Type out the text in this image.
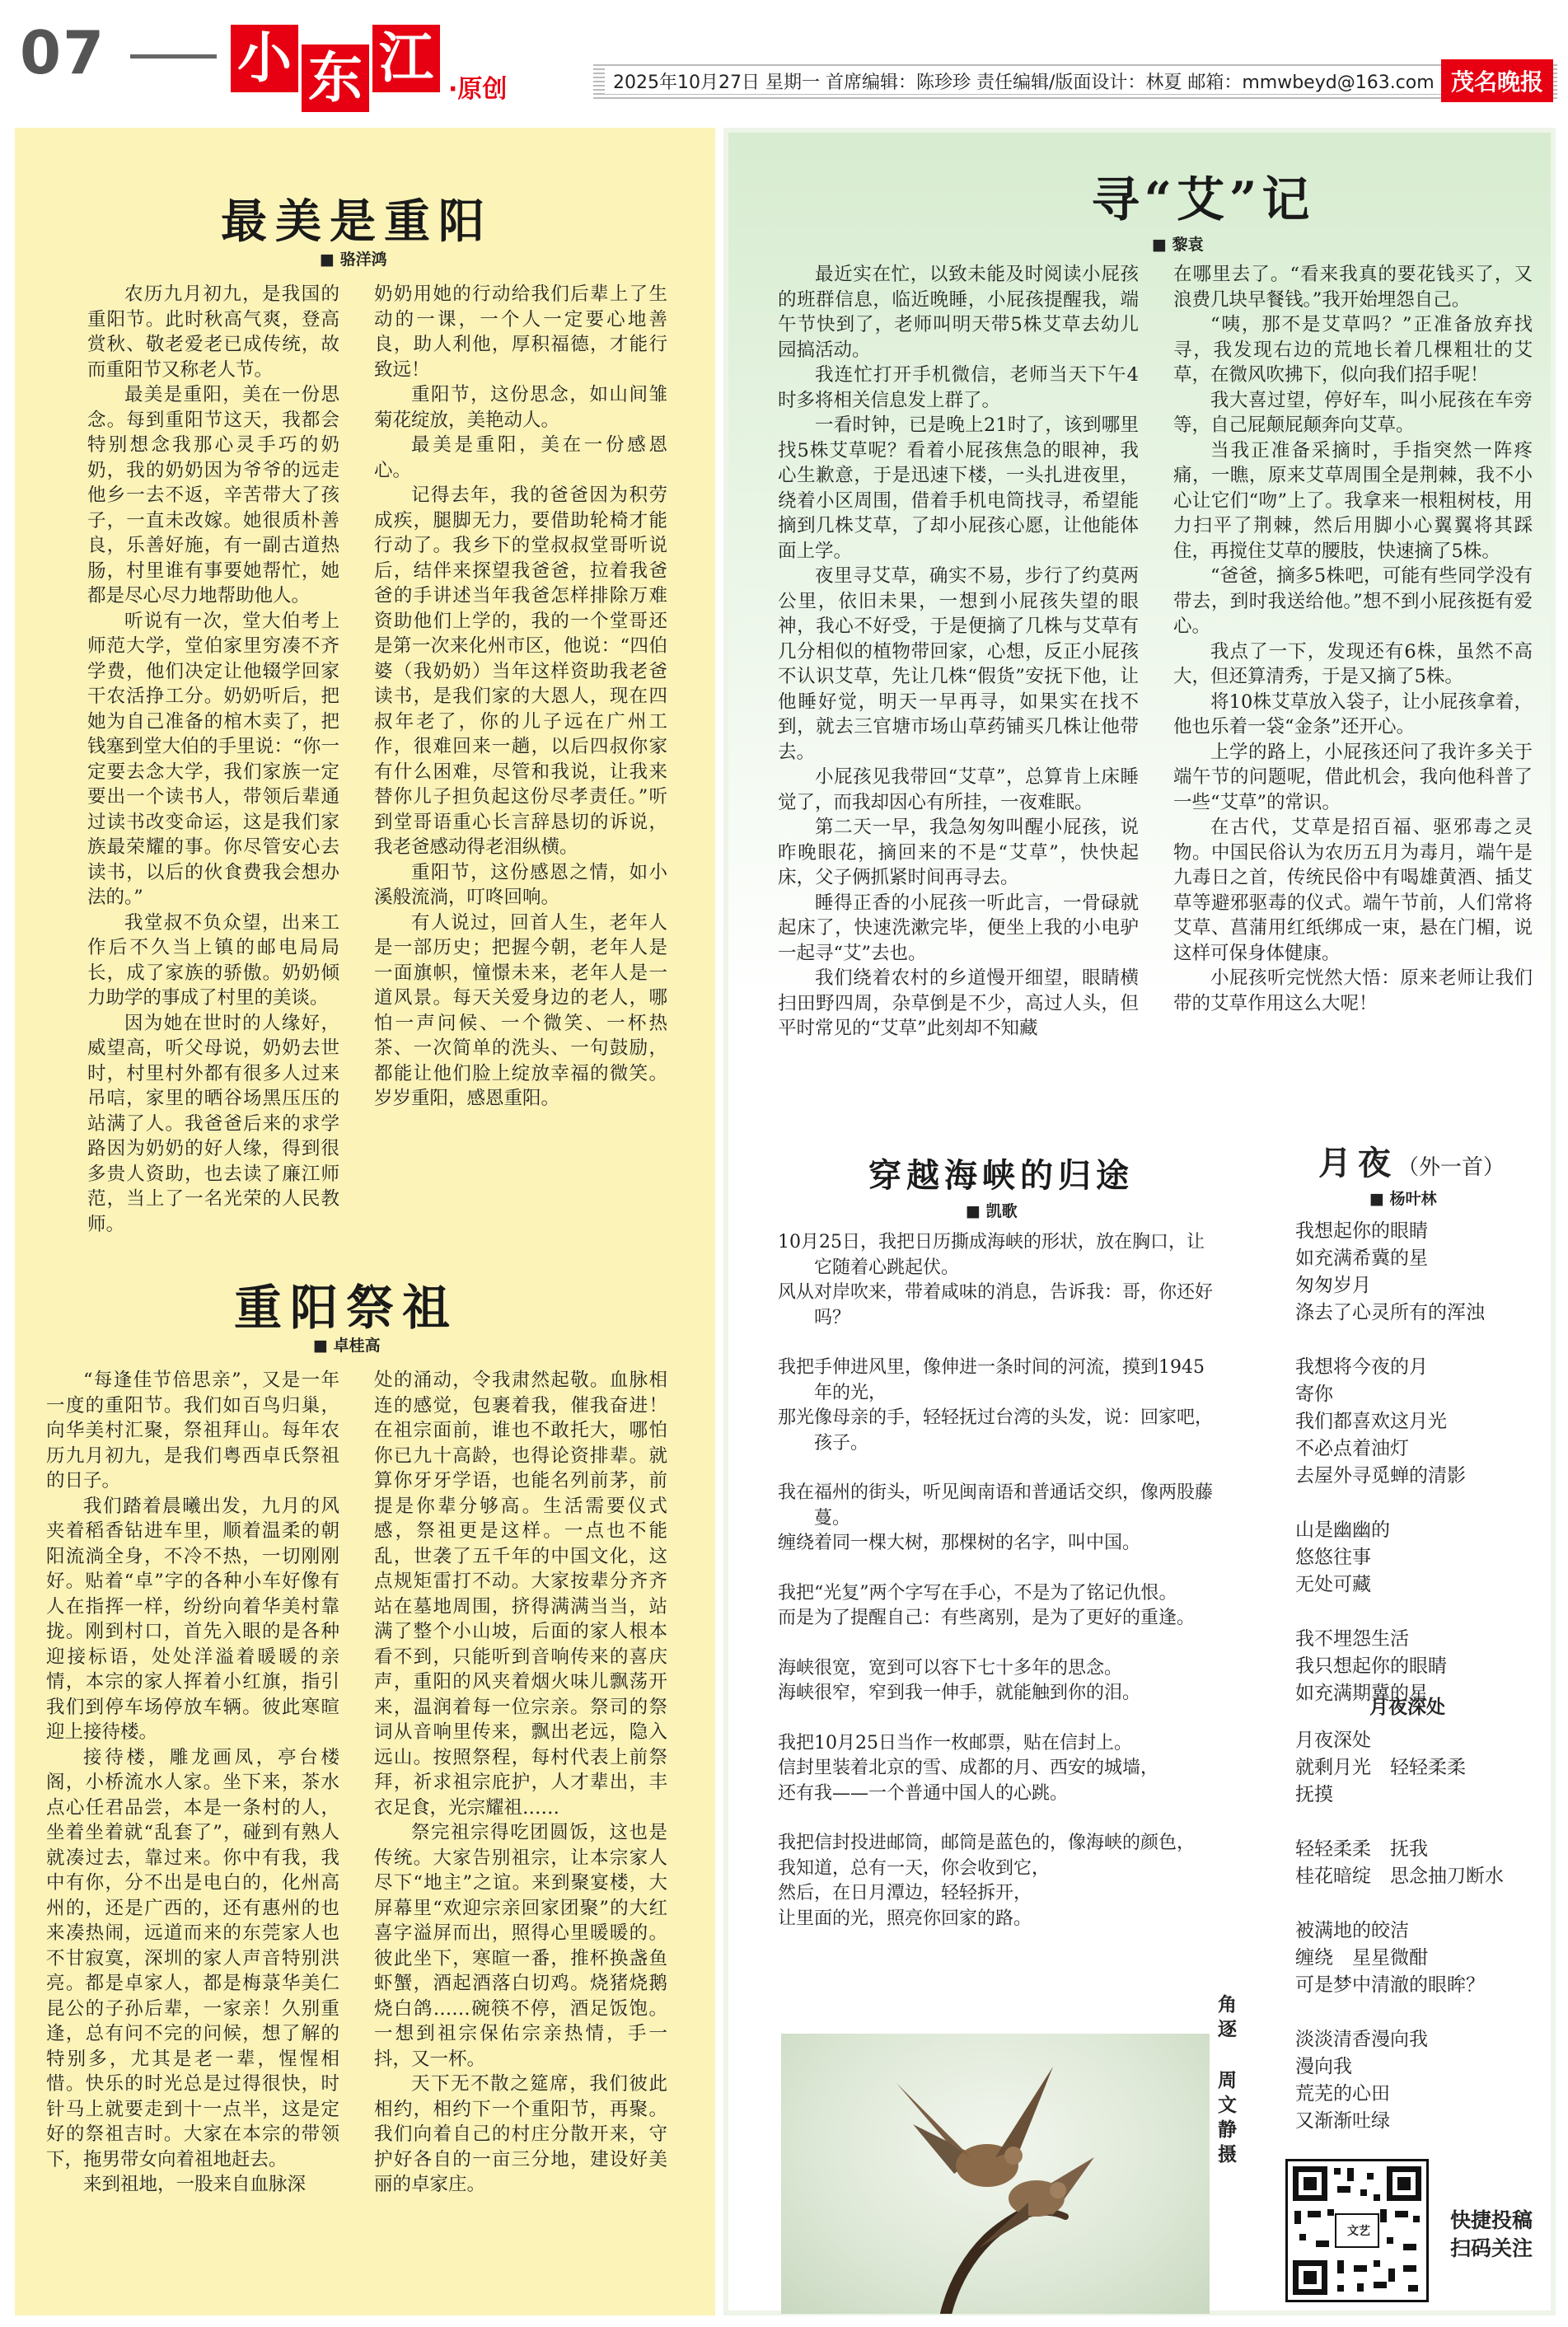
07 小 东 江 ·原创	2025年10月27日 星期一 首席编辑：陈珍珍 责任编辑/版面设计：林夏 邮箱：mmwbeyd@163.com 茂名晚报
最美是重阳
■ 骆洋鸿

农历九月初九，是我国的重阳节。此时秋高气爽，登高赏秋、敬老爱老已成传统，故而重阳节又称老人节。

最美是重阳，美在一份思念。每到重阳节这天，我都会特别想念我那心灵手巧的奶奶，我的奶奶因为爷爷的远走他乡一去不返，辛苦带大了孩子，一直未改嫁。她很质朴善良，乐善好施，有一副古道热肠，村里谁有事要她帮忙，她都是尽心尽力地帮助他人。

听说有一次，堂大伯考上师范大学，堂伯家里穷凑不齐学费，他们决定让他辍学回家干农活挣工分。奶奶听后，把她为自己准备的棺木卖了，把钱塞到堂大伯的手里说：“你一定要去念大学，我们家族一定要出一个读书人，带领后辈通过读书改变命运，这是我们家族最荣耀的事。你尽管安心去读书，以后的伙食费我会想办法的。”

我堂叔不负众望，出来工作后不久当上镇的邮电局局长，成了家族的骄傲。奶奶倾力助学的事成了村里的美谈。

因为她在世时的人缘好，威望高，听父母说，奶奶去世时，村里村外都有很多人过来吊唁，家里的晒谷场黑压压的站满了人。我爸爸后来的求学路因为奶奶的好人缘，得到很多贵人资助，也去读了廉江师范，当上了一名光荣的人民教师。

奶奶用她的行动给我们后辈上了生动的一课，一个人一定要心地善良，助人利他，厚积福德，才能行致远！

重阳节，这份思念，如山间雏菊花绽放，美艳动人。

最美是重阳，美在一份感恩心。

记得去年，我的爸爸因为积劳成疾，腿脚无力，要借助轮椅才能行动了。我乡下的堂叔叔堂哥听说后，结伴来探望我爸爸，拉着我爸爸的手讲述当年我爸怎样排除万难资助他们上学的，我的一个堂哥还是第一次来化州市区，他说：“四伯婆（我奶奶）当年这样资助我老爸读书，是我们家的大恩人，现在四叔年老了，你的儿子远在广州工作，很难回来一趟，以后四叔你家有什么困难，尽管和我说，让我来替你儿子担负起这份尽孝责任。”听到堂哥语重心长言辞恳切的诉说，我老爸感动得老泪纵横。

重阳节，这份感恩之情，如小溪般流淌，叮咚回响。

有人说过，回首人生，老年人是一部历史；把握今朝，老年人是一面旗帜，憧憬未来，老年人是一道风景。每天关爱身边的老人，哪怕一声问候、一个微笑、一杯热茶、一次简单的洗头、一句鼓励，都能让他们脸上绽放幸福的微笑。岁岁重阳，感恩重阳。

重阳祭祖
■ 卓桂高

“每逢佳节倍思亲”，又是一年一度的重阳节。我们如百鸟归巢，向华美村汇聚，祭祖拜山。每年农历九月初九，是我们粤西卓氏祭祖的日子。

我们踏着晨曦出发，九月的风夹着稻香钻进车里，顺着温柔的朝阳流淌全身，不冷不热，一切刚刚好。贴着“卓”字的各种小车好像有人在指挥一样，纷纷向着华美村靠拢。刚到村口，首先入眼的是各种迎接标语，处处洋溢着暖暖的亲情，本宗的家人挥着小红旗，指引我们到停车场停放车辆。彼此寒暄迎上接待楼。

接待楼，雕龙画凤，亭台楼阁，小桥流水人家。坐下来，茶水点心任君品尝，本是一条村的人，坐着坐着就“乱套了”，碰到有熟人就凑过去，靠过来。你中有我，我中有你，分不出是电白的，化州高州的，还是广西的，还有惠州的也来凑热闹，远道而来的东莞家人也不甘寂寞，深圳的家人声音特别洪亮。都是卓家人，都是梅菉华美仁昆公的子孙后辈，一家亲！久别重逢，总有问不完的问候，想了解的特别多，尤其是老一辈，惺惺相惜。快乐的时光总是过得很快，时针马上就要走到十一点半，这是定好的祭祖吉时。大家在本宗的带领下，拖男带女向着祖地赶去。

来到祖地，一股来自血脉深

处的涌动，令我肃然起敬。血脉相连的感觉，包裹着我，催我奋进！在祖宗面前，谁也不敢托大，哪怕你已九十高龄，也得论资排辈。就算你牙牙学语，也能名列前茅，前提是你辈分够高。生活需要仪式感，祭祖更是这样。一点也不能乱，世袭了五千年的中国文化，这点规矩雷打不动。大家按辈分齐齐站在墓地周围，挤得满满当当，站满了整个小山坡，后面的家人根本看不到，只能听到音响传来的喜庆声，重阳的风夹着烟火味儿飘荡开来，温润着每一位宗亲。祭司的祭词从音响里传来，飘出老远，隐入远山。按照祭程，每村代表上前祭拜，祈求祖宗庇护，人才辈出，丰衣足食，光宗耀祖……

祭完祖宗得吃团圆饭，这也是传统。大家告别祖宗，让本宗家人尽下“地主”之谊。来到聚宴楼，大屏幕里“欢迎宗亲回家团聚”的大红喜字溢屏而出，照得心里暖暖的。彼此坐下，寒暄一番，推杯换盏鱼虾蟹，酒起酒落白切鸡。烧猪烧鹅烧白鸽……碗筷不停，酒足饭饱。一想到祖宗保佑宗亲热情，手一抖，又一杯。

天下无不散之筵席，我们彼此相约，相约下一个重阳节，再聚。我们向着自己的村庄分散开来，守护好各自的一亩三分地，建设好美丽的卓家庄。

寻“艾”记
■ 黎袁

最近实在忙，以致未能及时阅读小屁孩的班群信息，临近晚睡，小屁孩提醒我，端午节快到了，老师叫明天带5株艾草去幼儿园搞活动。

我连忙打开手机微信，老师当天下午4时多将相关信息发上群了。

一看时钟，已是晚上21时了，该到哪里找5株艾草呢？看着小屁孩焦急的眼神，我心生歉意，于是迅速下楼，一头扎进夜里，绕着小区周围，借着手机电筒找寻，希望能摘到几株艾草，了却小屁孩心愿，让他能体面上学。

夜里寻艾草，确实不易，步行了约莫两公里，依旧未果，一想到小屁孩失望的眼神，我心不好受，于是便摘了几株与艾草有几分相似的植物带回家，心想，反正小屁孩不认识艾草，先让几株“假货”安抚下他，让他睡好觉，明天一早再寻，如果实在找不到，就去三官塘市场山草药铺买几株让他带去。

小屁孩见我带回“艾草”，总算肯上床睡觉了，而我却因心有所挂，一夜难眠。

第二天一早，我急匆匆叫醒小屁孩，说昨晚眼花，摘回来的不是“艾草”，快快起床，父子俩抓紧时间再寻去。

睡得正香的小屁孩一听此言，一骨碌就起床了，快速洗漱完毕，便坐上我的小电驴一起寻“艾”去也。

我们绕着农村的乡道慢开细望，眼睛横扫田野四周，杂草倒是不少，高过人头，但平时常见的“艾草”此刻却不知藏

在哪里去了。“看来我真的要花钱买了，又浪费几块早餐钱。”我开始埋怨自己。

“咦，那不是艾草吗？”正准备放弃找寻，我发现右边的荒地长着几棵粗壮的艾草，在微风吹拂下，似向我们招手呢！

我大喜过望，停好车，叫小屁孩在车旁等，自己屁颠屁颠奔向艾草。

当我正准备采摘时，手指突然一阵疼痛，一瞧，原来艾草周围全是荆棘，我不小心让它们“吻”上了。我拿来一根粗树枝，用力扫平了荆棘，然后用脚小心翼翼将其踩住，再搅住艾草的腰肢，快速摘了5株。

“爸爸，摘多5株吧，可能有些同学没有带去，到时我送给他。”想不到小屁孩挺有爱心。

我点了一下，发现还有6株，虽然不高大，但还算清秀，于是又摘了5株。

将10株艾草放入袋子，让小屁孩拿着，他也乐着一袋“金条”还开心。

上学的路上，小屁孩还问了我许多关于端午节的问题呢，借此机会，我向他科普了一些“艾草”的常识。

在古代，艾草是招百福、驱邪毒之灵物。中国民俗认为农历五月为毒月，端午是九毒日之首，传统民俗中有喝雄黄酒、插艾草等避邪驱毒的仪式。端午节前，人们常将艾草、菖蒲用红纸绑成一束，悬在门楣，说这样可保身体健康。

小屁孩听完恍然大悟：原来老师让我们带的艾草作用这么大呢！

穿越海峡的归途
■ 凯歌

10月25日，我把日历撕成海峡的形状，放在胸口，让它随着心跳起伏。

风从对岸吹来，带着咸味的消息，告诉我：哥，你还好吗？

我把手伸进风里，像伸进一条时间的河流，摸到1945年的光，

那光像母亲的手，轻轻抚过台湾的头发，说：回家吧，孩子。

我在福州的街头，听见闽南语和普通话交织，像两股藤蔓。

缠绕着同一棵大树，那棵树的名字，叫中国。

我把“光复”两个字写在手心，不是为了铭记仇恨。

而是为了提醒自己：有些离别，是为了更好的重逢。

海峡很宽，宽到可以容下七十多年的思念。

海峡很窄，窄到我一伸手，就能触到你的泪。

我把10月25日当作一枚邮票，贴在信封上。

信封里装着北京的雪、成都的月、西安的城墙，

还有我——一个普通中国人的心跳。

我把信封投进邮筒，邮筒是蓝色的，像海峡的颜色，

我知道，总有一天，你会收到它，

然后，在日月潭边，轻轻拆开，

让里面的光，照亮你回家的路。

月夜（外一首）
■ 杨叶林

我想起你的眼睛

如充满希冀的星

匆匆岁月

涤去了心灵所有的浑浊

我想将今夜的月

寄你

我们都喜欢这月光

不必点着油灯

去屋外寻觅蝉的清影

山是幽幽的

悠悠往事

无处可藏

我不埋怨生活

我只想起你的眼睛

如充满期冀的星

月夜深处

月夜深处

就剩月光　轻轻柔柔

抚摸

轻轻柔柔　抚我

桂花暗绽　思念抽刀断水

被满地的皎洁

缠绕　星星微酣

可是梦中清澈的眼眸？

淡淡清香漫向我

漫向我

荒芜的心田

又渐渐吐绿

角逐
周文静摄
文艺	快捷投稿
扫码关注
